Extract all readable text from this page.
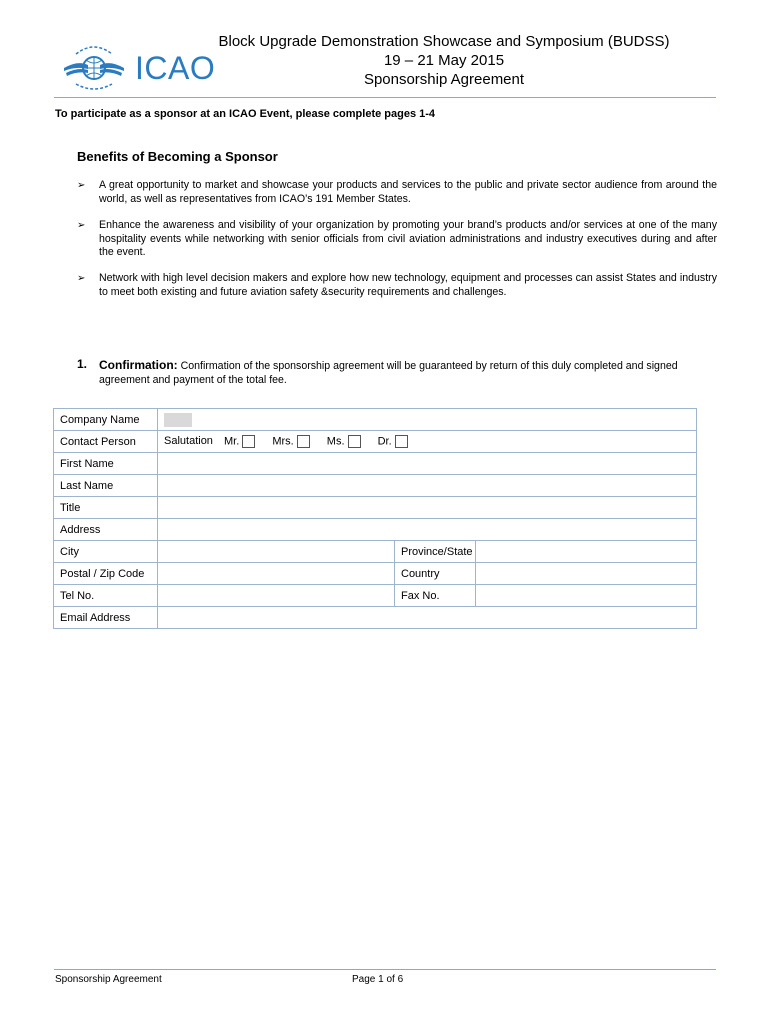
ICAO
Block Upgrade Demonstration Showcase and Symposium (BUDSS)
19 – 21 May 2015
Sponsorship Agreement
To participate as a sponsor at an ICAO Event, please complete pages 1-4
Benefits of Becoming a Sponsor
➢ A great opportunity to market and showcase your products and services to the public and private sector audience from around the world, as well as representatives from ICAO’s 191 Member States.
➢ Enhance the awareness and visibility of your organization by promoting your brand’s products and/or services at one of the many hospitality events while networking with senior officials from civil aviation administrations and industry executives during and after the event.
➢ Network with high level decision makers and explore how new technology, equipment and processes can assist States and industry to meet both existing and future aviation safety &security requirements and challenges.
1. Confirmation: Confirmation of the sponsorship agreement will be guaranteed by return of this duly completed and signed agreement and payment of the total fee.
Company Name			
Contact Person	Salutation Mr. Mrs. Ms. Dr.		
First Name			
Last Name			
Title			
Address			
City		Province/State	
Postal / Zip Code		Country	
Tel No.		Fax No.	
Email Address			
Sponsorship Agreement	Page 1 of 6
